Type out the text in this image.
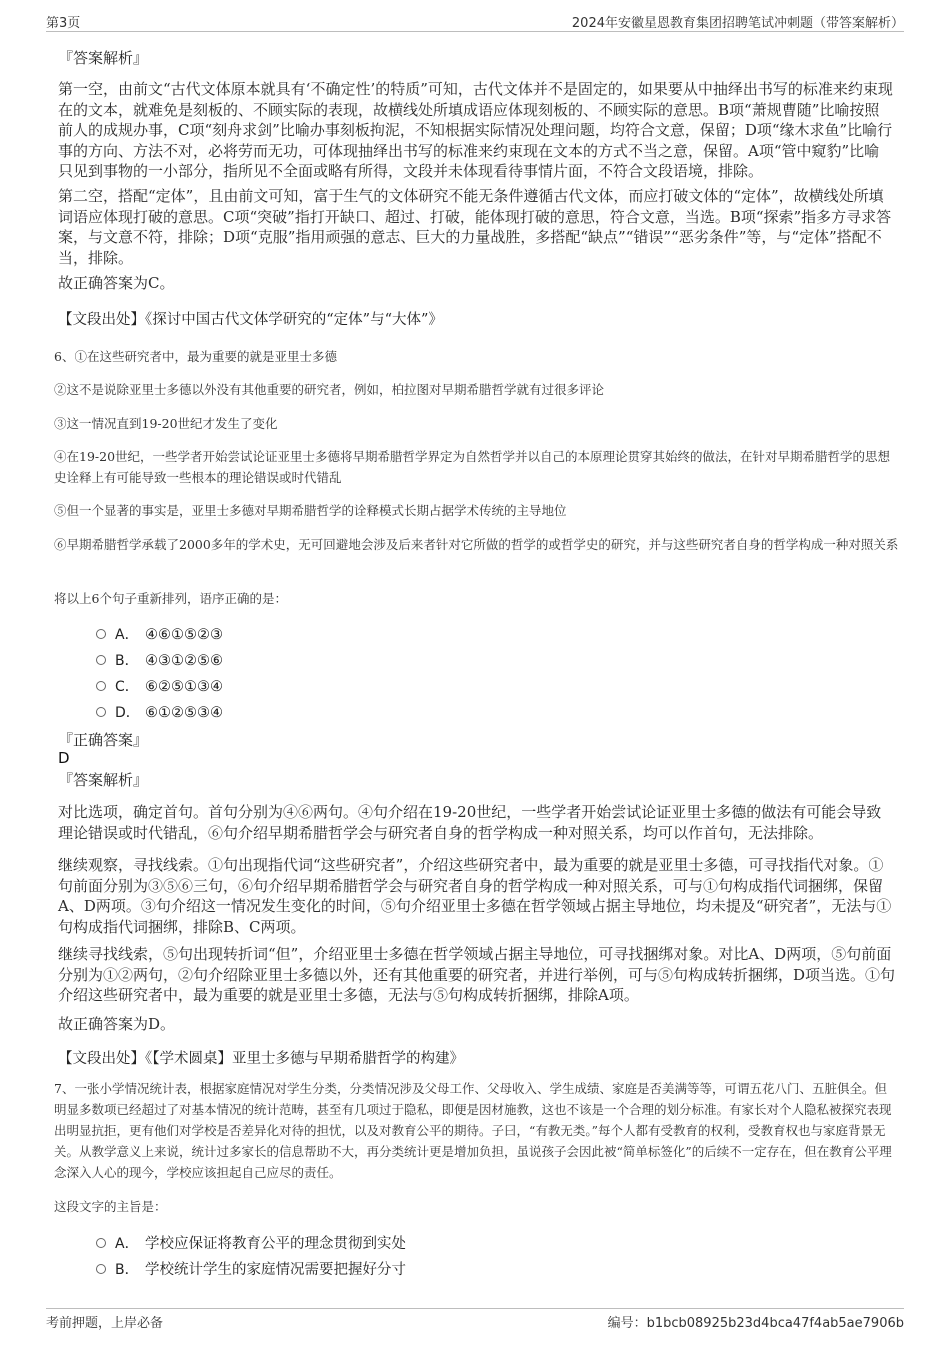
第3页	2024年安徽星恩教育集团招聘笔试冲刺题（带答案解析）
『答案解析』
第一空，由前文“古代文体原本就具有‘不确定性’的特质”可知，古代文体并不是固定的，如果要从中抽绎出书写的标准来约束现在的文本，就难免是刻板的、不顾实际的表现，故横线处所填成语应体现刻板的、不顾实际的意思。B项“萧规曹随”比喻按照前人的成规办事，C项“刻舟求剑”比喻办事刻板拘泥，不知根据实际情况处理问题，均符合文意，保留；D项“缘木求鱼”比喻行事的方向、方法不对，必将劳而无功，可体现抽绎出书写的标准来约束现在文本的方式不当之意，保留。A项“管中窥豹”比喻只见到事物的一小部分，指所见不全面或略有所得，文段并未体现看待事情片面，不符合文段语境，排除。
第二空，搭配“定体”，且由前文可知，富于生气的文体研究不能无条件遵循古代文体，而应打破文体的“定体”，故横线处所填词语应体现打破的意思。C项“突破”指打开缺口、超过、打破，能体现打破的意思，符合文意，当选。B项“探索”指多方寻求答案，与文意不符，排除；D项“克服”指用顽强的意志、巨大的力量战胜，多搭配“缺点”“错误”“恶劣条件”等，与“定体”搭配不当，排除。
故正确答案为C。
【文段出处】《探讨中国古代文体学研究的“定体”与“大体”》
6、①在这些研究者中，最为重要的就是亚里士多德
②这不是说除亚里士多德以外没有其他重要的研究者，例如，柏拉图对早期希腊哲学就有过很多评论
③这一情况直到19-20世纪才发生了变化
④在19-20世纪，一些学者开始尝试论证亚里士多德将早期希腊哲学界定为自然哲学并以自己的本原理论贯穿其始终的做法，在针对早期希腊哲学的思想史诠释上有可能导致一些根本的理论错误或时代错乱
⑤但一个显著的事实是，亚里士多德对早期希腊哲学的诠释模式长期占据学术传统的主导地位
⑥早期希腊哲学承载了2000多年的学术史，无可回避地会涉及后来者针对它所做的哲学的或哲学史的研究，并与这些研究者自身的哲学构成一种对照关系
将以上6个句子重新排列，语序正确的是：
A． ④⑥①⑤②③
B． ④③①②⑤⑥
C． ⑥②⑤①③④
D． ⑥①②⑤③④
『正确答案』
D
『答案解析』
对比选项，确定首句。首句分别为④⑥两句。④句介绍在19-20世纪，一些学者开始尝试论证亚里士多德的做法有可能会导致理论错误或时代错乱，⑥句介绍早期希腊哲学会与研究者自身的哲学构成一种对照关系，均可以作首句，无法排除。
继续观察，寻找线索。①句出现指代词“这些研究者”，介绍这些研究者中，最为重要的就是亚里士多德，可寻找指代对象。①句前面分别为③⑤⑥三句，⑥句介绍早期希腊哲学会与研究者自身的哲学构成一种对照关系，可与①句构成指代词捆绑，保留A、D两项。③句介绍这一情况发生变化的时间，⑤句介绍亚里士多德在哲学领域占据主导地位，均未提及“研究者”，无法与①句构成指代词捆绑，排除B、C两项。
继续寻找线索，⑤句出现转折词“但”，介绍亚里士多德在哲学领域占据主导地位，可寻找捆绑对象。对比A、D两项，⑤句前面分别为①②两句，②句介绍除亚里士多德以外，还有其他重要的研究者，并进行举例，可与⑤句构成转折捆绑，D项当选。①句介绍这些研究者中，最为重要的就是亚里士多德，无法与⑤句构成转折捆绑，排除A项。
故正确答案为D。
【文段出处】《【学术圆桌】亚里士多德与早期希腊哲学的构建》
7、一张小学情况统计表，根据家庭情况对学生分类，分类情况涉及父母工作、父母收入、学生成绩、家庭是否美满等等，可谓五花八门、五脏俱全。但明显多数项已经超过了对基本情况的统计范畴，甚至有几项过于隐私，即便是因材施教，这也不该是一个合理的划分标准。有家长对个人隐私被探究表现出明显抗拒，更有他们对学校是否差异化对待的担忧，以及对教育公平的期待。子曰，“有教无类。”每个人都有受教育的权利，受教育权也与家庭背景无关。从教学意义上来说，统计过多家长的信息帮助不大，再分类统计更是增加负担，虽说孩子会因此被“简单标签化”的后续不一定存在，但在教育公平理念深入人心的现今，学校应该担起自己应尽的责任。
这段文字的主旨是：
A． 学校应保证将教育公平的理念贯彻到实处
B． 学校统计学生的家庭情况需要把握好分寸
考前押题，上岸必备	编号：b1bcb08925b23d4bca47f4ab5ae7906b
